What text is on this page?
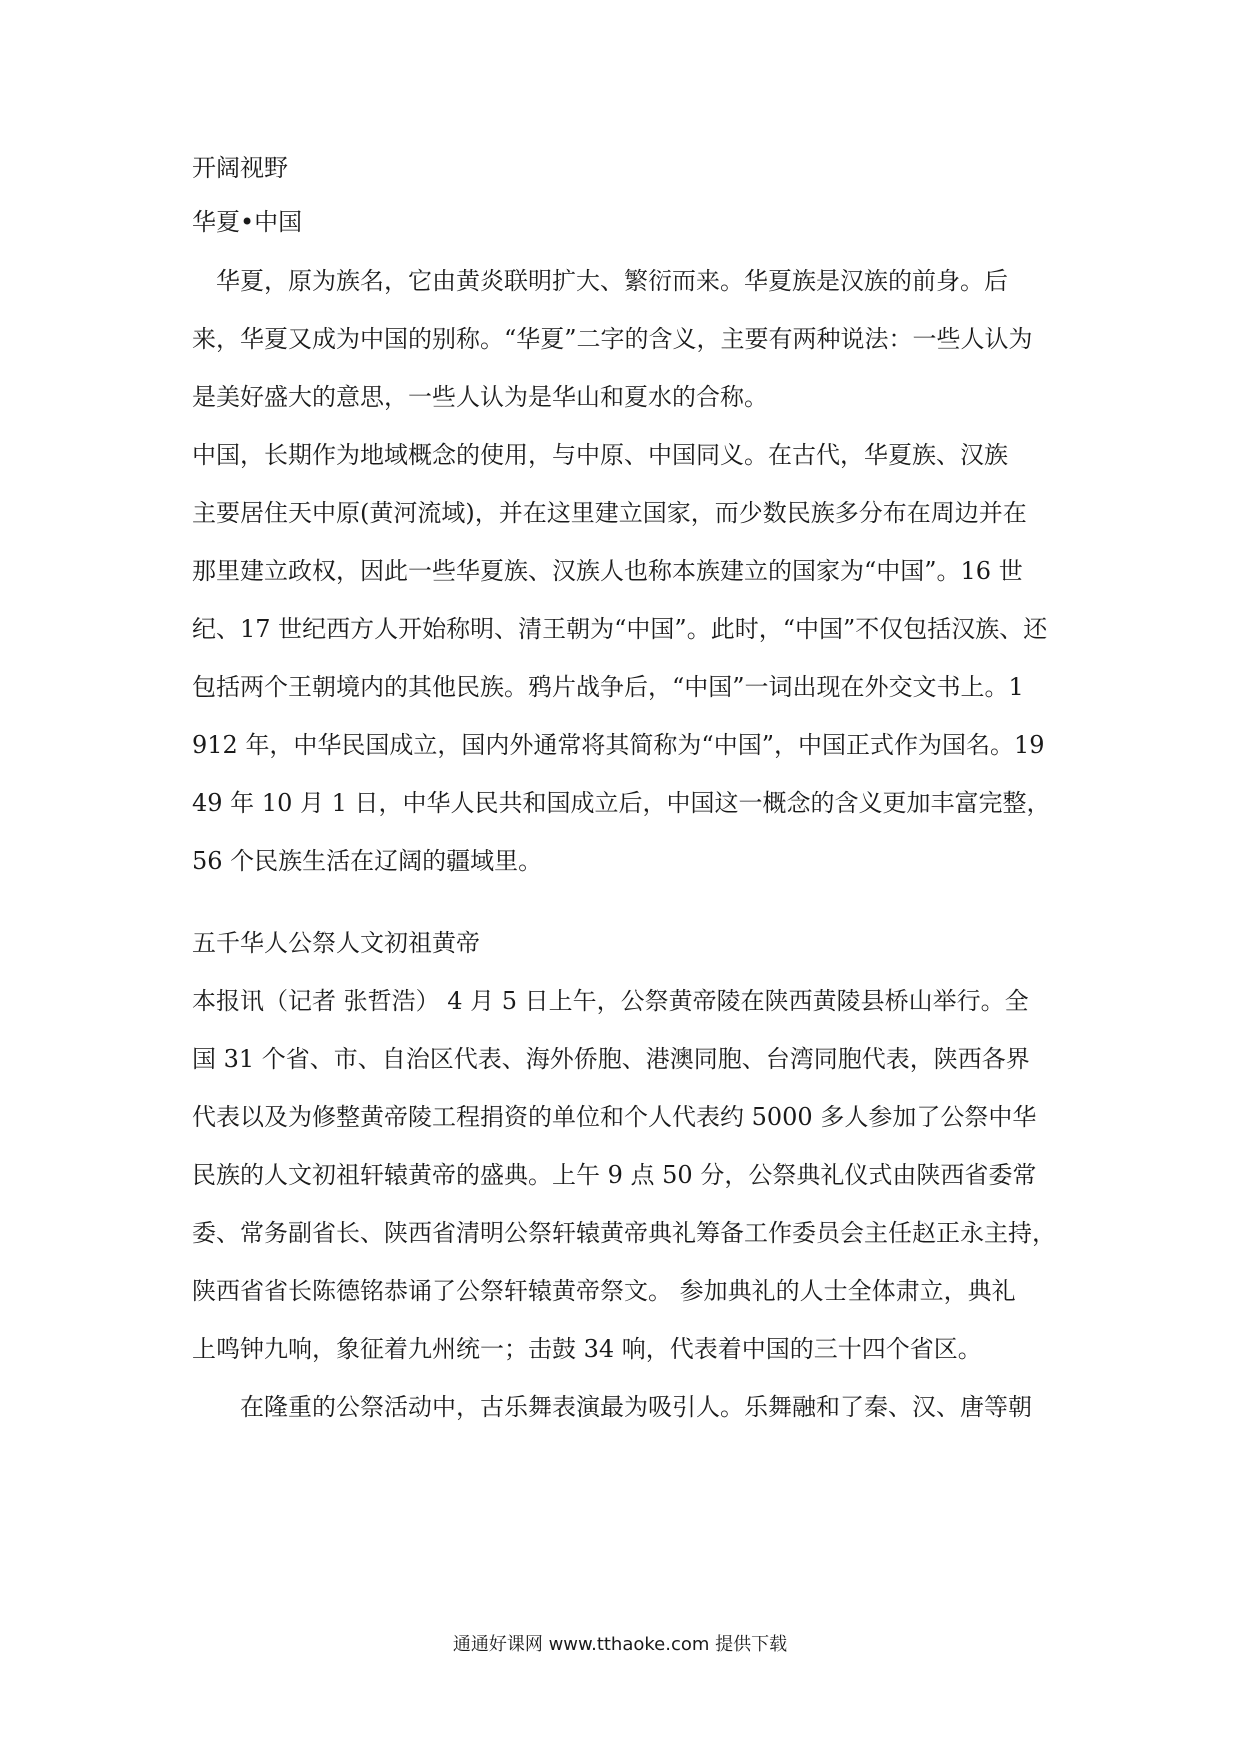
开阔视野
华夏•中国
　华夏，原为族名，它由黄炎联明扩大、繁衍而来。华夏族是汉族的前身。后
来，华夏又成为中国的别称。“华夏”二字的含义，主要有两种说法：一些人认为
是美好盛大的意思，一些人认为是华山和夏水的合称。
中国，长期作为地域概念的使用，与中原、中国同义。在古代，华夏族、汉族
主要居住天中原(黄河流域)，并在这里建立国家，而少数民族多分布在周边并在
那里建立政权，因此一些华夏族、汉族人也称本族建立的国家为“中国”。16 世
纪、17 世纪西方人开始称明、清王朝为“中国”。此时，“中国”不仅包括汉族、还
包括两个王朝境内的其他民族。鸦片战争后，“中国”一词出现在外交文书上。1
912 年，中华民国成立，国内外通常将其简称为“中国”，中国正式作为国名。19
49 年 10 月 1 日，中华人民共和国成立后，中国这一概念的含义更加丰富完整，
56 个民族生活在辽阔的疆域里。
五千华人公祭人文初祖黄帝
本报讯（记者 张哲浩） 4 月 5 日上午，公祭黄帝陵在陕西黄陵县桥山举行。全
国 31 个省、市、自治区代表、海外侨胞、港澳同胞、台湾同胞代表，陕西各界
代表以及为修整黄帝陵工程捐资的单位和个人代表约 5000 多人参加了公祭中华
民族的人文初祖轩辕黄帝的盛典。上午 9 点 50 分，公祭典礼仪式由陕西省委常
委、常务副省长、陕西省清明公祭轩辕黄帝典礼筹备工作委员会主任赵正永主持，
陕西省省长陈德铭恭诵了公祭轩辕黄帝祭文。 参加典礼的人士全体肃立，典礼
上鸣钟九响，象征着九州统一；击鼓 34 响，代表着中国的三十四个省区。
　　在隆重的公祭活动中，古乐舞表演最为吸引人。乐舞融和了秦、汉、唐等朝
通通好课网 www.tthaoke.com 提供下载
